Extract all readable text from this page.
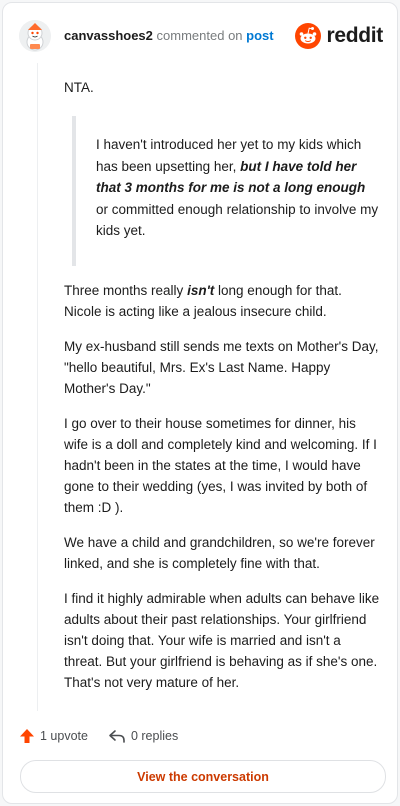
canvasshoes2 commented on post	reddit

NTA.

I haven't introduced her yet to my kids which has been upsetting her, but I have told her that 3 months for me is not a long enough or committed enough relationship to involve my kids yet.

Three months really isn't long enough for that. Nicole is acting like a jealous insecure child.

My ex-husband still sends me texts on Mother's Day, "hello beautiful, Mrs. Ex's Last Name. Happy Mother's Day."

I go over to their house sometimes for dinner, his wife is a doll and completely kind and welcoming. If I hadn't been in the states at the time, I would have gone to their wedding (yes, I was invited by both of them :D ).

We have a child and grandchildren, so we're forever linked, and she is completely fine with that.

I find it highly admirable when adults can behave like adults about their past relationships. Your girlfriend isn't doing that. Your wife is married and isn't a threat. But your girlfriend is behaving as if she's one. That's not very mature of her.

1 upvote	0 replies
View the conversation
